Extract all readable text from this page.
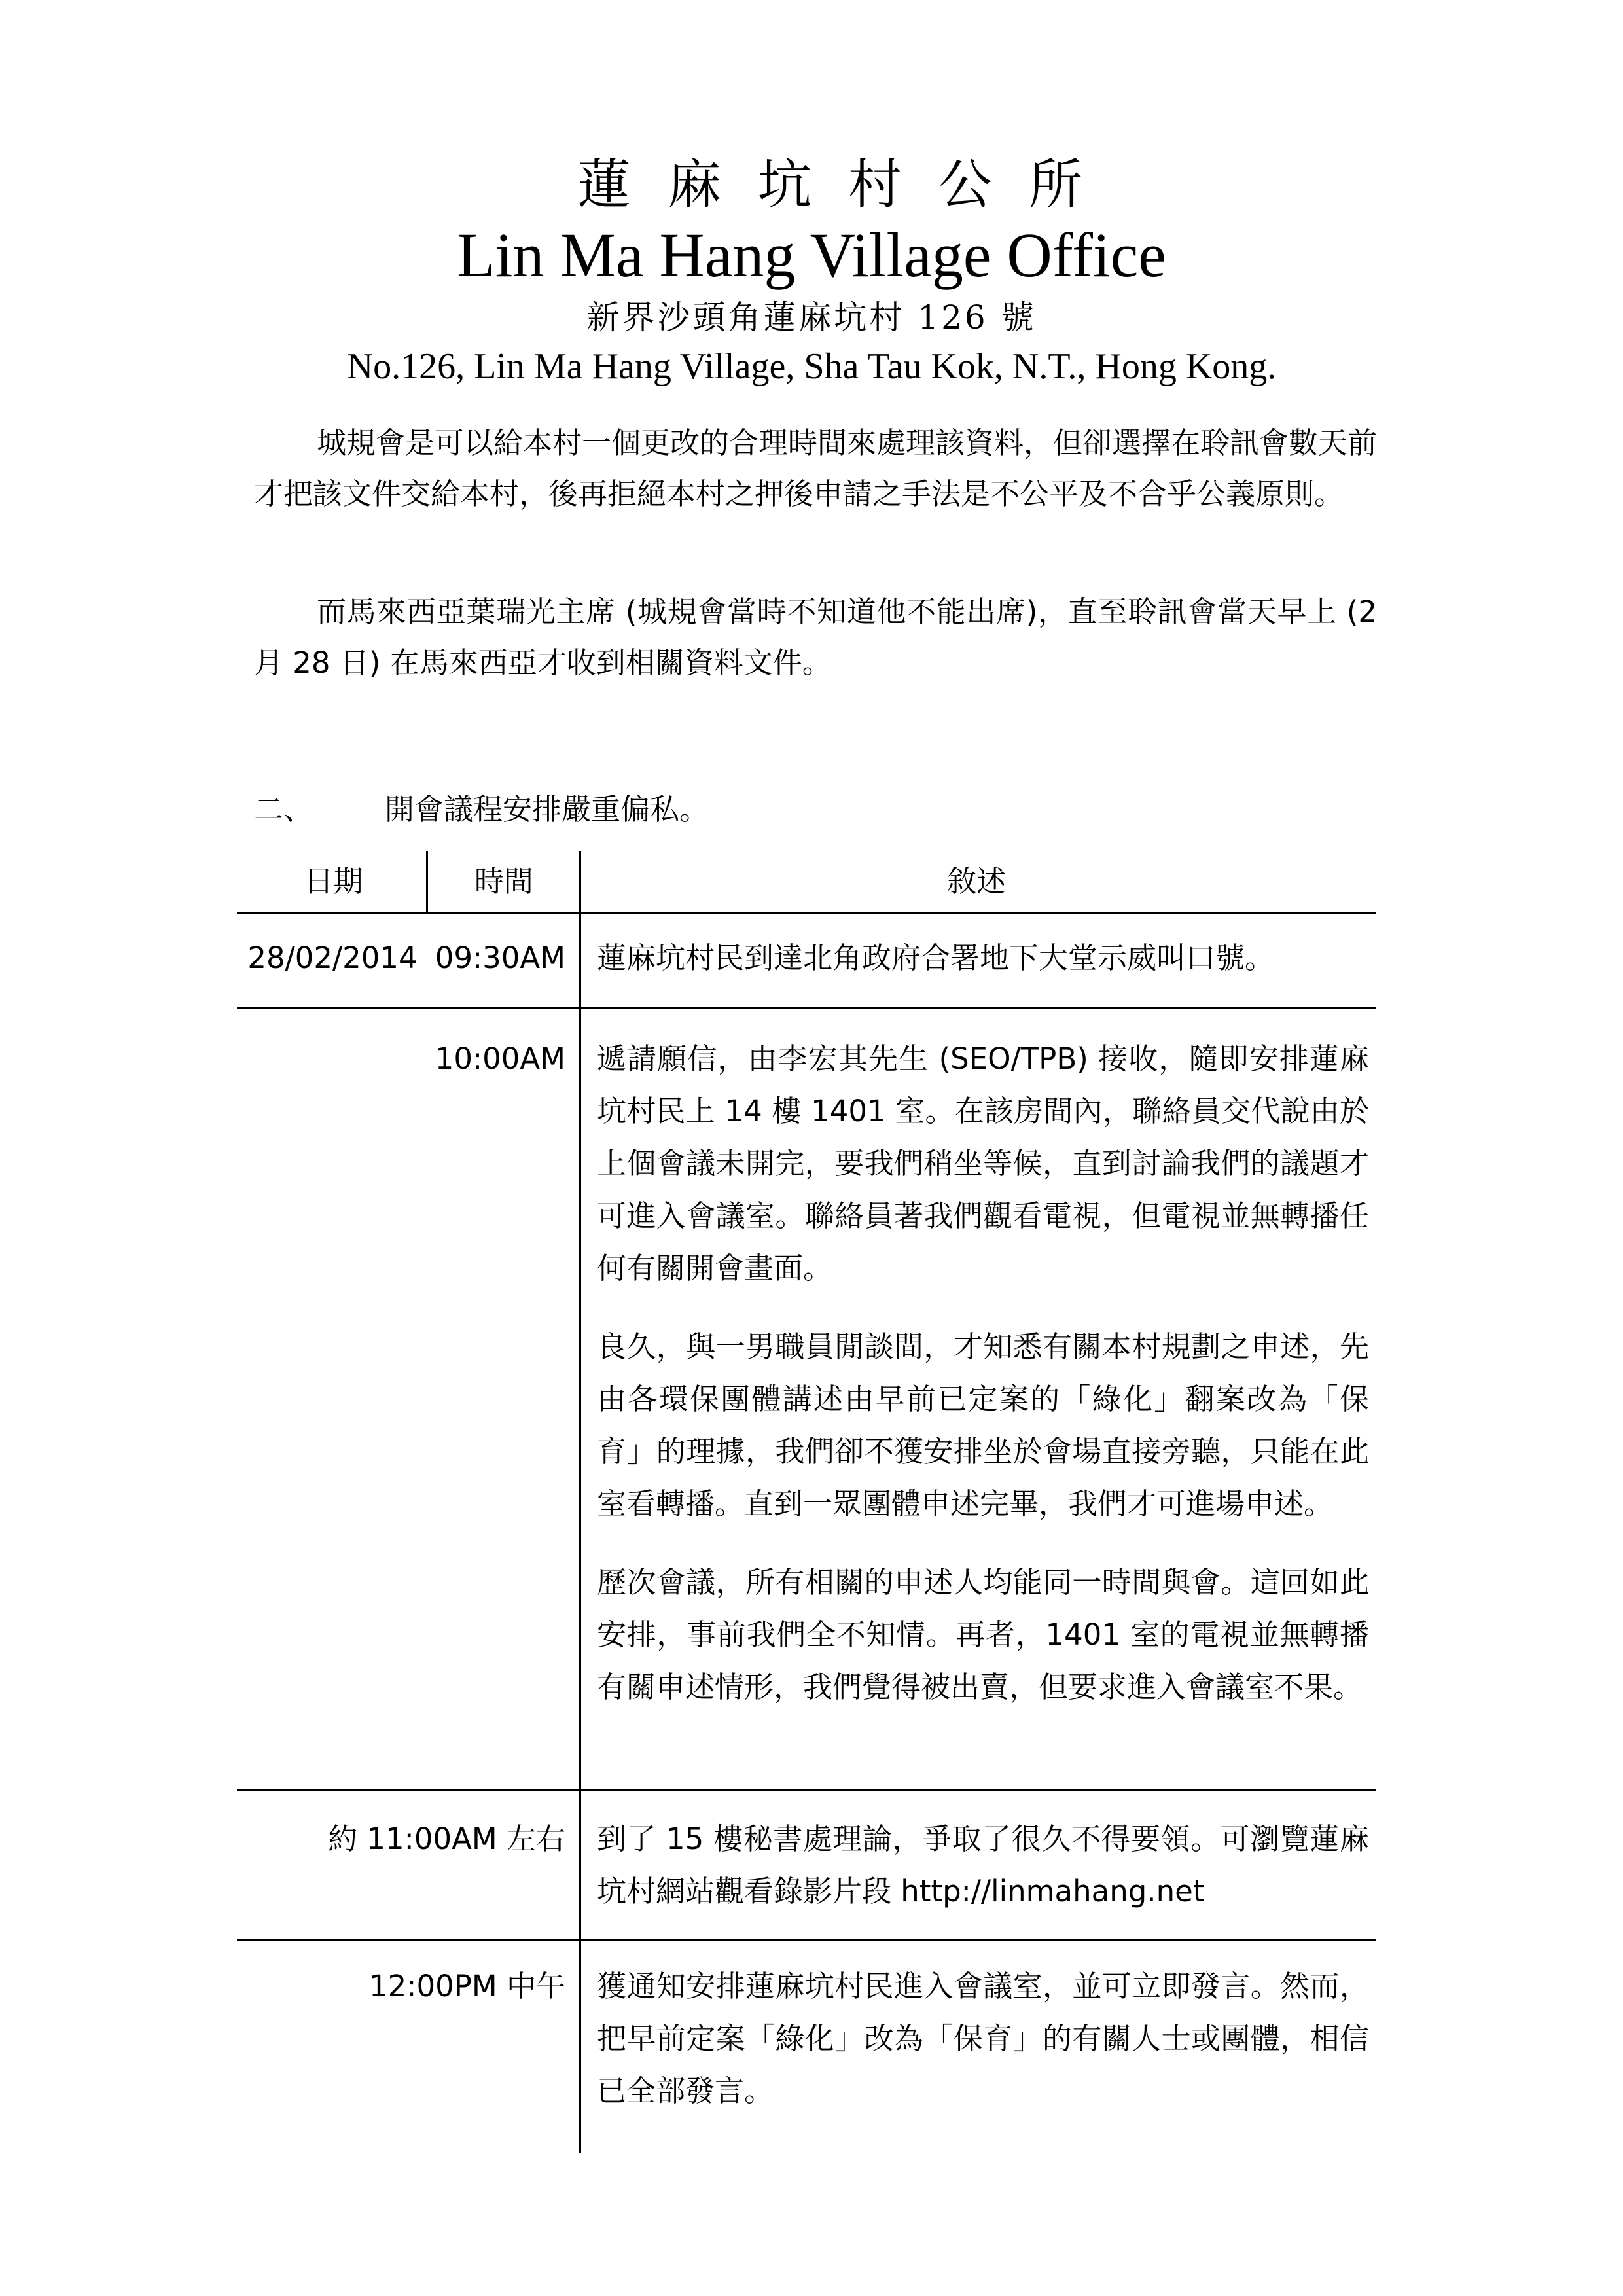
蓮麻坑村公所
Lin Ma Hang Village Office
新界沙頭角蓮麻坑村 126 號
No.126, Lin Ma Hang Village, Sha Tau Kok, N.T., Hong Kong.

城規會是可以給本村一個更改的合理時間來處理該資料，但卻選擇在聆訊會數天前才把該文件交給本村，後再拒絕本村之押後申請之手法是不公平及不合乎公義原則。

而馬來西亞葉瑞光主席 (城規會當時不知道他不能出席)，直至聆訊會當天早上 (2 月 28 日) 在馬來西亞才收到相關資料文件。

二、 開會議程安排嚴重偏私。
日期	時間	敘述
28/02/2014 09:30AM 蓮麻坑村民到達北角政府合署地下大堂示威叫口號。

10:00AM 遞請願信，由李宏其先生 (SEO/TPB) 接收，隨即安排蓮麻坑村民上 14 樓 1401 室。在該房間內，聯絡員交代說由於上個會議未開完，要我們稍坐等候，直到討論我們的議題才可進入會議室。聯絡員著我們觀看電視，但電視並無轉播任何有關開會畫面。

良久，與一男職員閒談間，才知悉有關本村規劃之申述，先由各環保團體講述由早前已定案的「綠化」翻案改為「保育」的理據，我們卻不獲安排坐於會場直接旁聽，只能在此室看轉播。直到一眾團體申述完畢，我們才可進場申述。

歷次會議，所有相關的申述人均能同一時間與會。這回如此安排，事前我們全不知情。再者，1401 室的電視並無轉播有關申述情形，我們覺得被出賣，但要求進入會議室不果。

約 11:00AM 左右 到了 15 樓秘書處理論，爭取了很久不得要領。可瀏覽蓮麻坑村網站觀看錄影片段 http://linmahang.net

12:00PM 中午 獲通知安排蓮麻坑村民進入會議室，並可立即發言。然而，把早前定案「綠化」改為「保育」的有關人士或團體，相信已全部發言。
